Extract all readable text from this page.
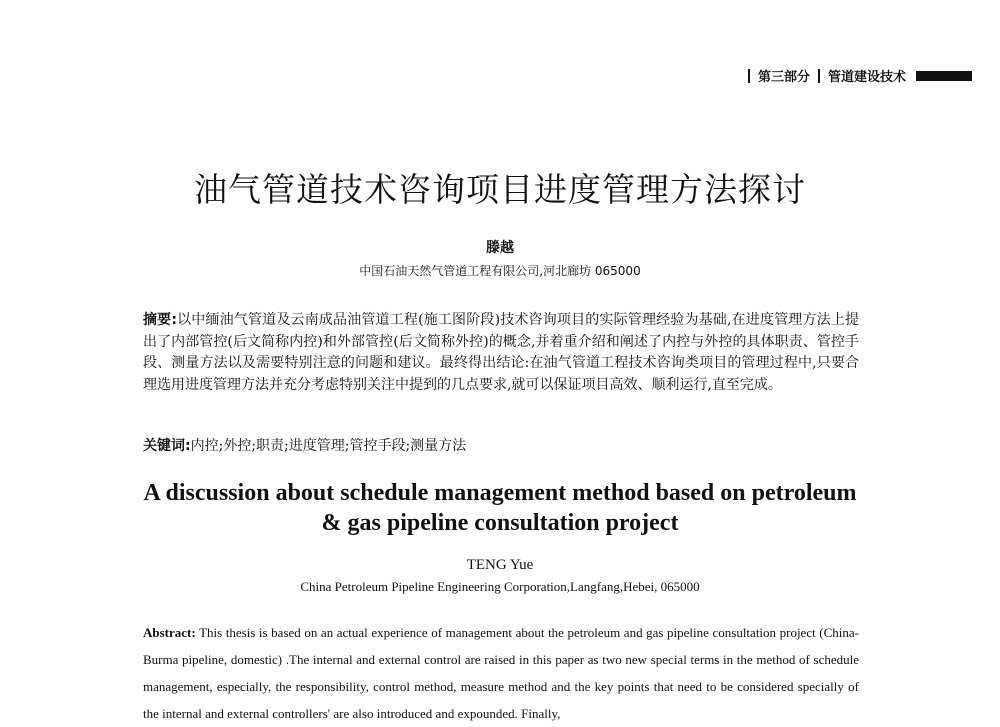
第三部分 管道建设技术
油气管道技术咨询项目进度管理方法探讨
滕越
中国石油天然气管道工程有限公司,河北廊坊 065000
摘要:以中缅油气管道及云南成品油管道工程(施工图阶段)技术咨询项目的实际管理经验为基础,在进度管理方法上提出了内部管控(后文简称内控)和外部管控(后文简称外控)的概念,并着重介绍和阐述了内控与外控的具体职责、管控手段、测量方法以及需要特别注意的问题和建议。最终得出结论:在油气管道工程技术咨询类项目的管理过程中,只要合理选用进度管理方法并充分考虑特别关注中提到的几点要求,就可以保证项目高效、顺利运行,直至完成。
关键词:内控;外控;职责;进度管理;管控手段;测量方法
A discussion about schedule management method based on petroleum
& gas pipeline consultation project
TENG Yue
China Petroleum Pipeline Engineering Corporation,Langfang,Hebei, 065000
Abstract: This thesis is based on an actual experience of management about the petroleum and gas pipeline consultation project (China-Burma pipeline, domestic) .The internal and external control are raised in this paper as two new special terms in the method of schedule management, especially, the responsibility, control method, measure method and the key points that need to be considered specially of the internal and external controllers' are also introduced and expounded. Finally,
